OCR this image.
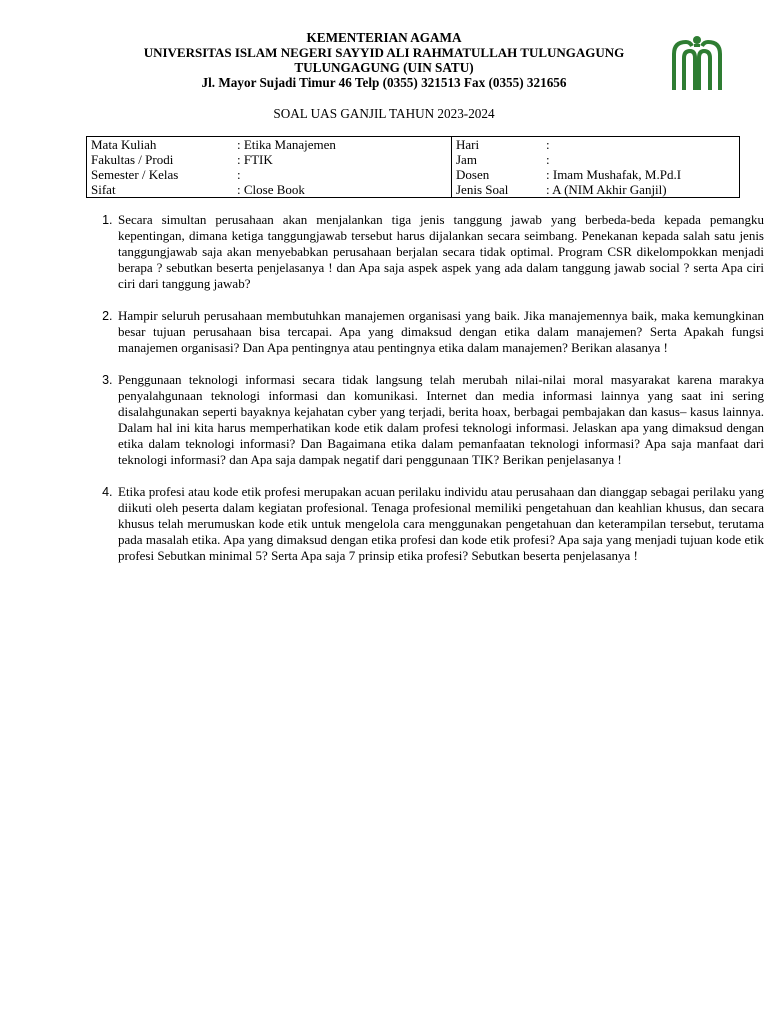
KEMENTERIAN AGAMA
UNIVERSITAS ISLAM NEGERI SAYYID ALI RAHMATULLAH TULUNGAGUNG
TULUNGAGUNG (UIN SATU)
Jl. Mayor Sujadi Timur 46 Telp (0355) 321513 Fax (0355) 321656
SOAL UAS GANJIL TAHUN 2023-2024
Mata Kuliah	: Etika Manajemen	Hari	:
Fakultas / Prodi	: FTIK	Jam	:
Semester / Kelas	:	Dosen	: Imam Mushafak, M.Pd.I
Sifat	: Close Book	Jenis Soal	: A (NIM Akhir Ganjil)
1. Secara simultan perusahaan akan menjalankan tiga jenis tanggung jawab yang berbeda-beda kepada pemangku kepentingan, dimana ketiga tanggungjawab tersebut harus dijalankan secara seimbang. Penekanan kepada salah satu jenis tanggungjawab saja akan menyebabkan perusahaan berjalan secara tidak optimal. Program CSR dikelompokkan menjadi berapa ? sebutkan beserta penjelasanya ! dan Apa saja aspek aspek yang ada dalam tanggung jawab social ? serta Apa ciri ciri dari tanggung jawab?
2. Hampir seluruh perusahaan membutuhkan manajemen organisasi yang baik. Jika manajemennya baik, maka kemungkinan besar tujuan perusahaan bisa tercapai. Apa yang dimaksud dengan etika dalam manajemen? Serta Apakah fungsi manajemen organisasi? Dan Apa pentingnya atau pentingnya etika dalam manajemen? Berikan alasanya !
3. Penggunaan teknologi informasi secara tidak langsung telah merubah nilai-nilai moral masyarakat karena marakya penyalahgunaan teknologi informasi dan komunikasi. Internet dan media informasi lainnya yang saat ini sering disalahgunakan seperti bayaknya kejahatan cyber yang terjadi, berita hoax, berbagai pembajakan dan kasus– kasus lainnya. Dalam hal ini kita harus memperhatikan kode etik dalam profesi teknologi informasi. Jelaskan apa yang dimaksud dengan etika dalam teknologi informasi? Dan Bagaimana etika dalam pemanfaatan teknologi informasi? Apa saja manfaat dari teknologi informasi? dan Apa saja dampak negatif dari penggunaan TIK? Berikan penjelasanya !
4. Etika profesi atau kode etik profesi merupakan acuan perilaku individu atau perusahaan dan dianggap sebagai perilaku yang diikuti oleh peserta dalam kegiatan profesional. Tenaga profesional memiliki pengetahuan dan keahlian khusus, dan secara khusus telah merumuskan kode etik untuk mengelola cara menggunakan pengetahuan dan keterampilan tersebut, terutama pada masalah etika. Apa yang dimaksud dengan etika profesi dan kode etik profesi? Apa saja yang menjadi tujuan kode etik profesi Sebutkan minimal 5? Serta Apa saja 7 prinsip etika profesi? Sebutkan beserta penjelasanya !
